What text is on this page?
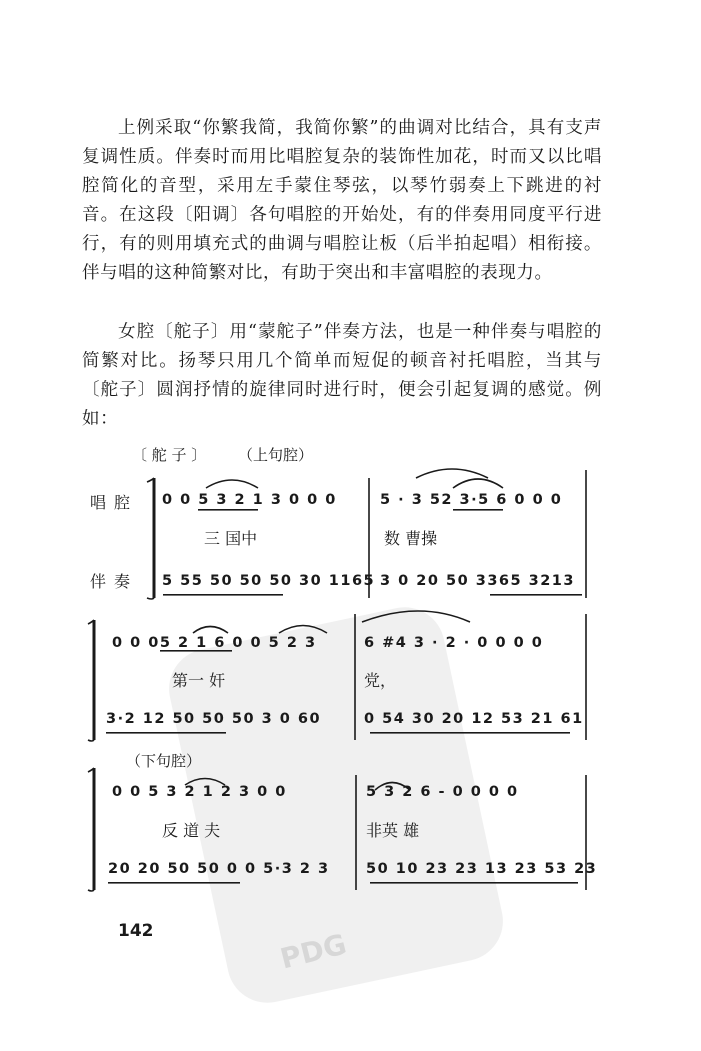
上例采取“你繁我简，我简你繁”的曲调对比结合，具有支声复调性质。伴奏时而用比唱腔复杂的装饰性加花，时而又以比唱腔简化的音型，采用左手蒙住琴弦，以琴竹弱奏上下跳进的衬音。在这段〔阳调〕各句唱腔的开始处，有的伴奏用同度平行进行，有的则用填充式的曲调与唱腔让板（后半拍起唱）相衔接。伴与唱的这种简繁对比，有助于突出和丰富唱腔的表现力。

女腔〔舵子〕用“蒙舵子”伴奏方法，也是一种伴奏与唱腔的简繁对比。扬琴只用几个简单而短促的顿音衬托唱腔，当其与〔舵子〕圆润抒情的旋律同时进行时，便会引起复调的感觉。例如：

PDG
〔 舵 子 〕 （上句腔）
唱腔
伴奏
0 0 5 3 2 1 3 0 0 0	5 · 3 52 3·5 6 0 0 0
三 国中	数 曹操
5 55 50 50 50 30 1165 3 0 20 50 3365 3213
0 0 05 2 1 6 0 0 5 2 3	6 #4 3 · 2 · 0 0 0 0
第一 奸	党，
3·2 12 50 50 50 3 0 60	0 54 30 20 12 53 21 61
（下句腔）
0 0 5 3 2 1 2 3 0 0	5 3 2 6 - 0 0 0 0
反 道 夫	非英 雄
20 20 50 50 0 0 5·3 2 3	50 10 23 23 13 23 53 23
142
